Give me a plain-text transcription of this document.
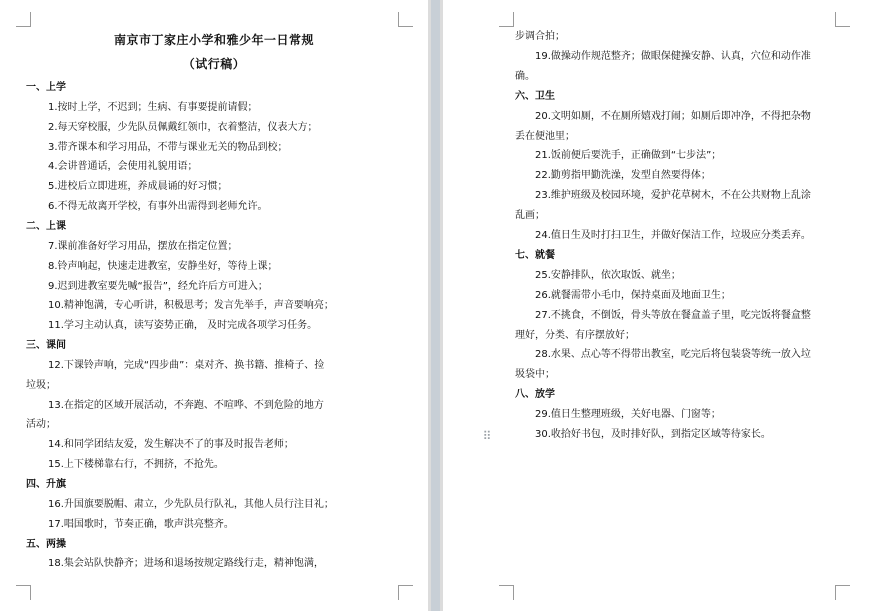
南京市丁家庄小学和雅少年一日常规
（试行稿）
一、上学
1.按时上学，不迟到；生病、有事要提前请假；
2.每天穿校服，少先队员佩戴红领巾，衣着整洁，仪表大方；
3.带齐课本和学习用品，不带与课业无关的物品到校；
4.会讲普通话，会使用礼貌用语；
5.进校后立即进班，养成晨诵的好习惯；
6.不得无故离开学校，有事外出需得到老师允许。
二、上课
7.课前准备好学习用品，摆放在指定位置；
8.铃声响起，快速走进教室，安静坐好，等待上课；
9.迟到进教室要先喊“报告”，经允许后方可进入；
10.精神饱满，专心听讲，积极思考；发言先举手，声音要响亮；
11.学习主动认真，读写姿势正确， 及时完成各项学习任务。
三、课间
12.下课铃声响，完成“四步曲”：桌对齐、换书籍、推椅子、捡
垃圾；
13.在指定的区域开展活动，不奔跑、不喧哗、不到危险的地方
活动；
14.和同学团结友爱，发生解决不了的事及时报告老师；
15.上下楼梯靠右行，不拥挤，不抢先。
四、升旗
16.升国旗要脱帽、肃立，少先队员行队礼，其他人员行注目礼；
17.唱国歌时，节奏正确，歌声洪亮整齐。
五、两操
18.集会站队快静齐；进场和退场按规定路线行走，精神饱满，
步调合拍；
19.做操动作规范整齐；做眼保健操安静、认真，穴位和动作准
确。
六、卫生
20.文明如厕，不在厕所嬉戏打闹；如厕后即冲净，不得把杂物
丢在便池里；
21.饭前便后要洗手，正确做到“七步法”；
22.勤剪指甲勤洗澡，发型自然要得体；
23.维护班级及校园环境，爱护花草树木，不在公共财物上乱涂
乱画；
24.值日生及时打扫卫生，并做好保洁工作，垃圾应分类丢弃。
七、就餐
25.安静排队，依次取饭、就坐；
26.就餐需带小毛巾，保持桌面及地面卫生；
27.不挑食，不倒饭，骨头等放在餐盒盖子里，吃完饭将餐盒整
理好，分类、有序摆放好；
28.水果、点心等不得带出教室，吃完后将包装袋等统一放入垃
圾袋中；
八、放学
29.值日生整理班级，关好电器、门窗等；
30.收拾好书包，及时排好队，到指定区域等待家长。
⠿
